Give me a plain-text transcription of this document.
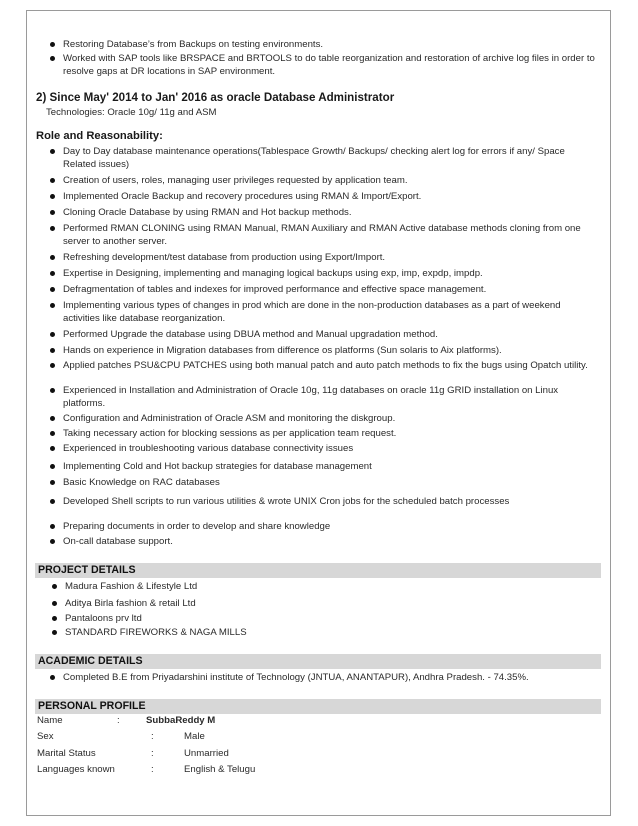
Restoring Database’s from Backups on testing environments.
Worked with SAP tools like BRSPACE and BRTOOLS to do table reorganization and restoration of archive log files in order to resolve gaps at DR locations in SAP environment.
2) Since May' 2014 to Jan' 2016 as oracle Database Administrator
Technologies: Oracle 10g/ 11g and ASM
Role and Reasonability:
Day to Day database maintenance operations(Tablespace Growth/ Backups/ checking alert log for errors if any/ Space Related issues)
Creation of users, roles, managing user privileges requested by application team.
Implemented Oracle Backup and recovery procedures using RMAN & Import/Export.
Cloning Oracle Database by using RMAN and Hot backup methods.
Performed RMAN CLONING using RMAN Manual, RMAN Auxiliary and RMAN Active database methods cloning from one server to another server.
Refreshing development/test database from production using Export/Import.
Expertise in Designing, implementing and managing logical backups using exp, imp, expdp, impdp.
Defragmentation of tables and indexes for improved performance and effective space management.
Implementing various types of changes in prod which are done in the non-production databases as a part of weekend activities like database reorganization.
Performed Upgrade the database using DBUA method and Manual upgradation method.
Hands on experience in Migration databases from difference os platforms (Sun solaris to Aix platforms).
Applied patches PSU&CPU PATCHES using both manual patch and auto patch methods to fix the bugs using Opatch utility.
Experienced in Installation and Administration of Oracle 10g, 11g databases on oracle 11g GRID installation on Linux platforms.
Configuration and Administration of Oracle ASM and monitoring the diskgroup.
Taking necessary action for blocking sessions as per application team request.
Experienced in troubleshooting various database connectivity issues
Implementing Cold and Hot backup strategies for database management
Basic Knowledge on RAC databases
Developed Shell scripts to run various utilities & wrote UNIX Cron jobs for the scheduled batch processes
Preparing documents in order to develop and share knowledge
On-call database support.
PROJECT DETAILS
Madura Fashion & Lifestyle Ltd
Aditya Birla fashion & retail Ltd
Pantaloons prv ltd
STANDARD FIREWORKS & NAGA MILLS
ACADEMIC DETAILS
Completed B.E from Priyadarshini institute of Technology (JNTUA, ANANTAPUR), Andhra Pradesh. - 74.35%.
PERSONAL PROFILE
Name	:	SubbaReddy M
Sex	:	Male
Marital Status	:	Unmarried
Languages known	:	English & Telugu
